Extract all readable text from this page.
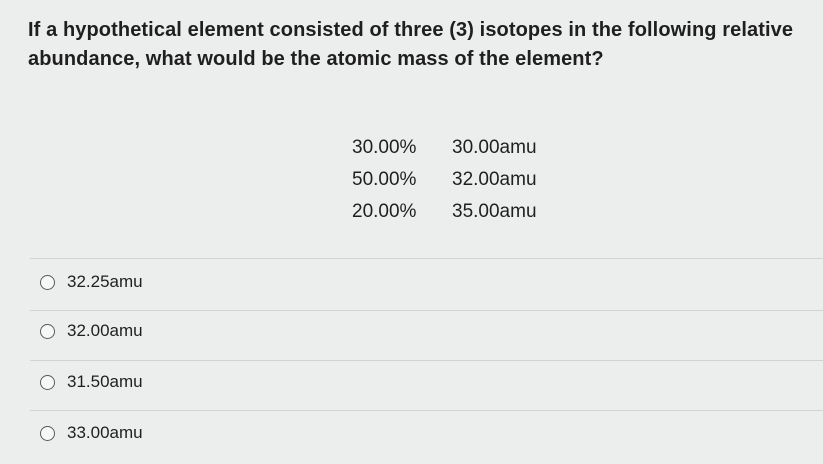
If a hypothetical element consisted of three (3) isotopes in the following relative
abundance, what would be the atomic mass of the element?
30.00%	30.00amu
50.00%	32.00amu
20.00%	35.00amu
32.25amu
32.00amu
31.50amu
33.00amu
